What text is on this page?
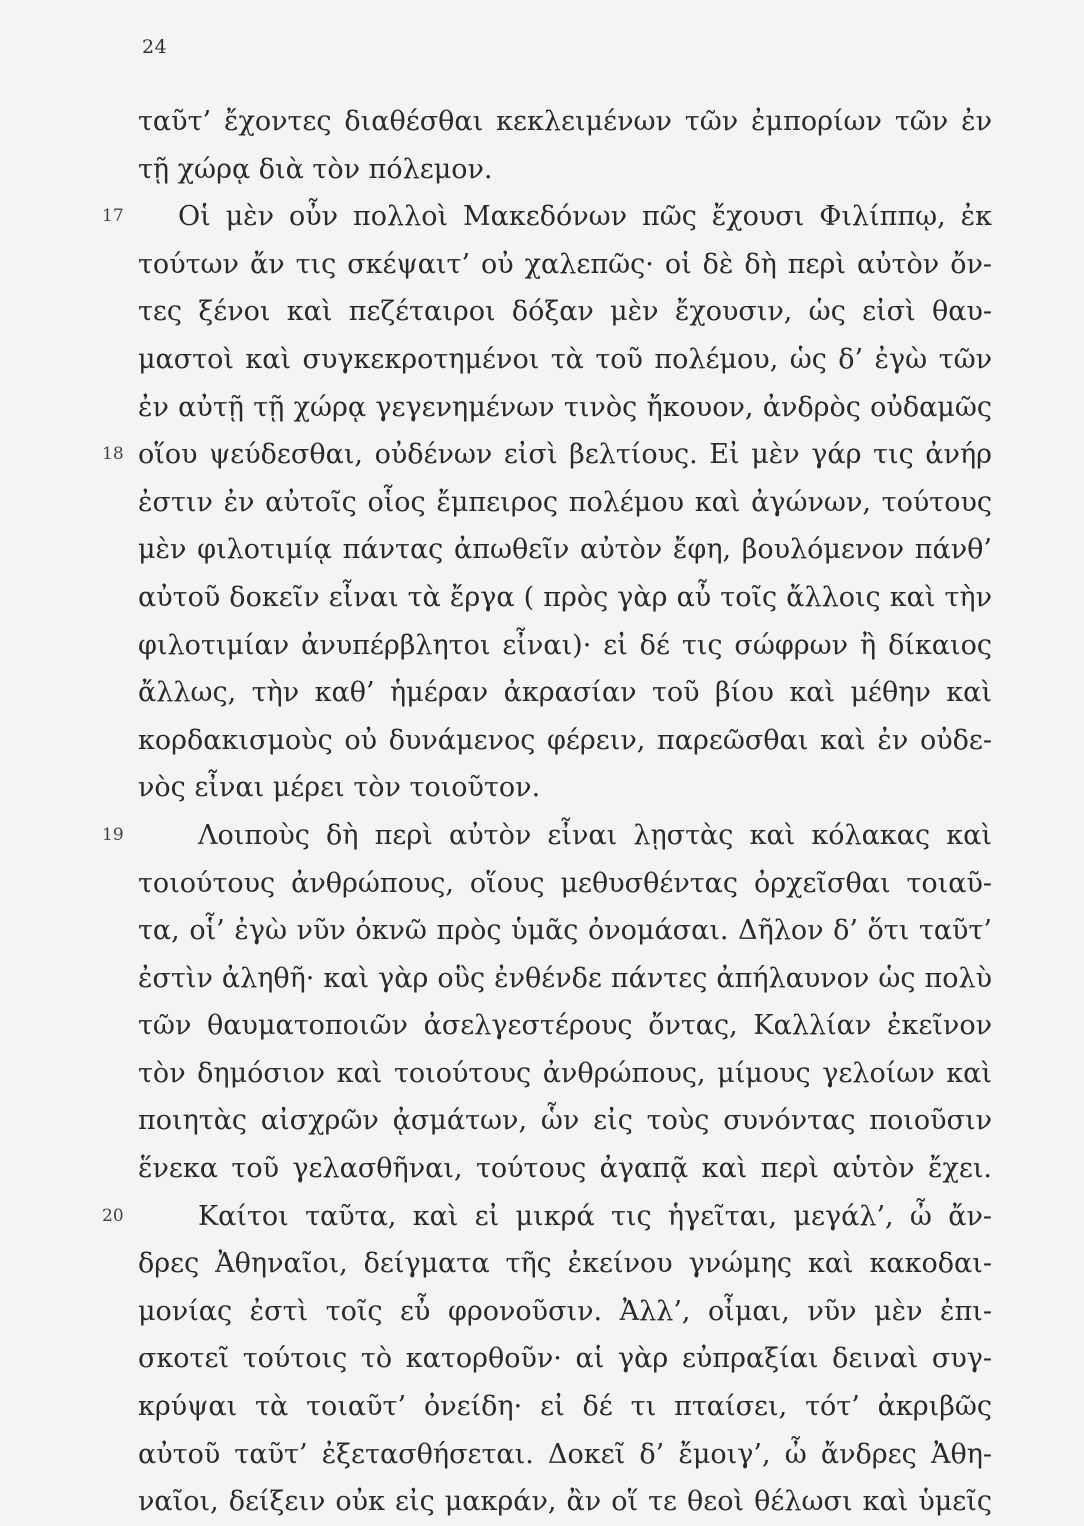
24
ταῦτ’ ἔχοντες διαθέσθαι κεκλειμένων τῶν ἐμπορίων τῶν ἐν
τῇ χώρᾳ διὰ τὸν πόλεμον.
17 Οἱ μὲν οὖν πολλοὶ Μακεδόνων πῶς ἔχουσι Φιλίππῳ, ἐκ
τούτων ἄν τις σκέψαιτ’ οὐ χαλεπῶς· οἱ δὲ δὴ περὶ αὐτὸν ὄν-
τες ξένοι καὶ πεζέταιροι δόξαν μὲν ἔχουσιν, ὡς εἰσὶ θαυ-
μαστοὶ καὶ συγκεκροτημένοι τὰ τοῦ πολέμου, ὡς δ’ ἐγὼ τῶν
ἐν αὐτῇ τῇ χώρᾳ γεγενημένων τινὸς ἤκουον, ἀνδρὸς οὐδαμῶς
18 οἵου ψεύδεσθαι, οὐδένων εἰσὶ βελτίους. Εἰ μὲν γάρ τις ἀνήρ
ἐστιν ἐν αὐτοῖς οἷος ἔμπειρος πολέμου καὶ ἀγώνων, τούτους
μὲν φιλοτιμίᾳ πάντας ἀπωθεῖν αὐτὸν ἔφη, βουλόμενον πάνθ’
αὐτοῦ δοκεῖν εἶναι τὰ ἔργα ( πρὸς γὰρ αὖ τοῖς ἄλλοις καὶ τὴν
φιλοτιμίαν ἀνυπέρβλητοι εἶναι)· εἰ δέ τις σώφρων ἢ δίκαιος
ἄλλως, τὴν καθ’ ἡμέραν ἀκρασίαν τοῦ βίου καὶ μέθην καὶ
κορδακισμοὺς οὐ δυνάμενος φέρειν, παρεῶσθαι καὶ ἐν οὐδε-
νὸς εἶναι μέρει τὸν τοιοῦτον.
19	Λοιποὺς δὴ περὶ αὐτὸν εἶναι λῃστὰς καὶ κόλακας καὶ
τοιούτους ἀνθρώπους, οἵους μεθυσθέντας ὀρχεῖσθαι τοιαῦ-
τα, οἷ’ ἐγὼ νῦν ὀκνῶ πρὸς ὑμᾶς ὀνομάσαι. Δῆλον δ’ ὅτι ταῦτ’
ἐστὶν ἀληθῆ· καὶ γὰρ οὓς ἐνθένδε πάντες ἀπήλαυνον ὡς πολὺ
τῶν θαυματοποιῶν ἀσελγεστέρους ὄντας, Καλλίαν ἐκεῖνον
τὸν δημόσιον καὶ τοιούτους ἀνθρώπους, μίμους γελοίων καὶ
ποιητὰς αἰσχρῶν ᾀσμάτων, ὧν εἰς τοὺς συνόντας ποιοῦσιν
ἕνεκα τοῦ γελασθῆναι, τούτους ἀγαπᾷ καὶ περὶ αὑτὸν ἔχει.
20	Καίτοι ταῦτα, καὶ εἰ μικρά τις ἡγεῖται, μεγάλ’, ὦ ἄν-
δρες Ἀθηναῖοι, δείγματα τῆς ἐκείνου γνώμης καὶ κακοδαι-
μονίας ἐστὶ τοῖς εὖ φρονοῦσιν. Ἀλλ’, οἶμαι, νῦν μὲν ἐπι-
σκοτεῖ τούτοις τὸ κατορθοῦν· αἱ γὰρ εὐπραξίαι δειναὶ συγ-
κρύψαι τὰ τοιαῦτ’ ὀνείδη· εἰ δέ τι πταίσει, τότ’ ἀκριβῶς
αὐτοῦ ταῦτ’ ἐξετασθήσεται. Δοκεῖ δ’ ἔμοιγ’, ὦ ἄνδρες Ἀθη-
ναῖοι, δείξειν οὐκ εἰς μακράν, ἂν οἵ τε θεοὶ θέλωσι καὶ ὑμεῖς
